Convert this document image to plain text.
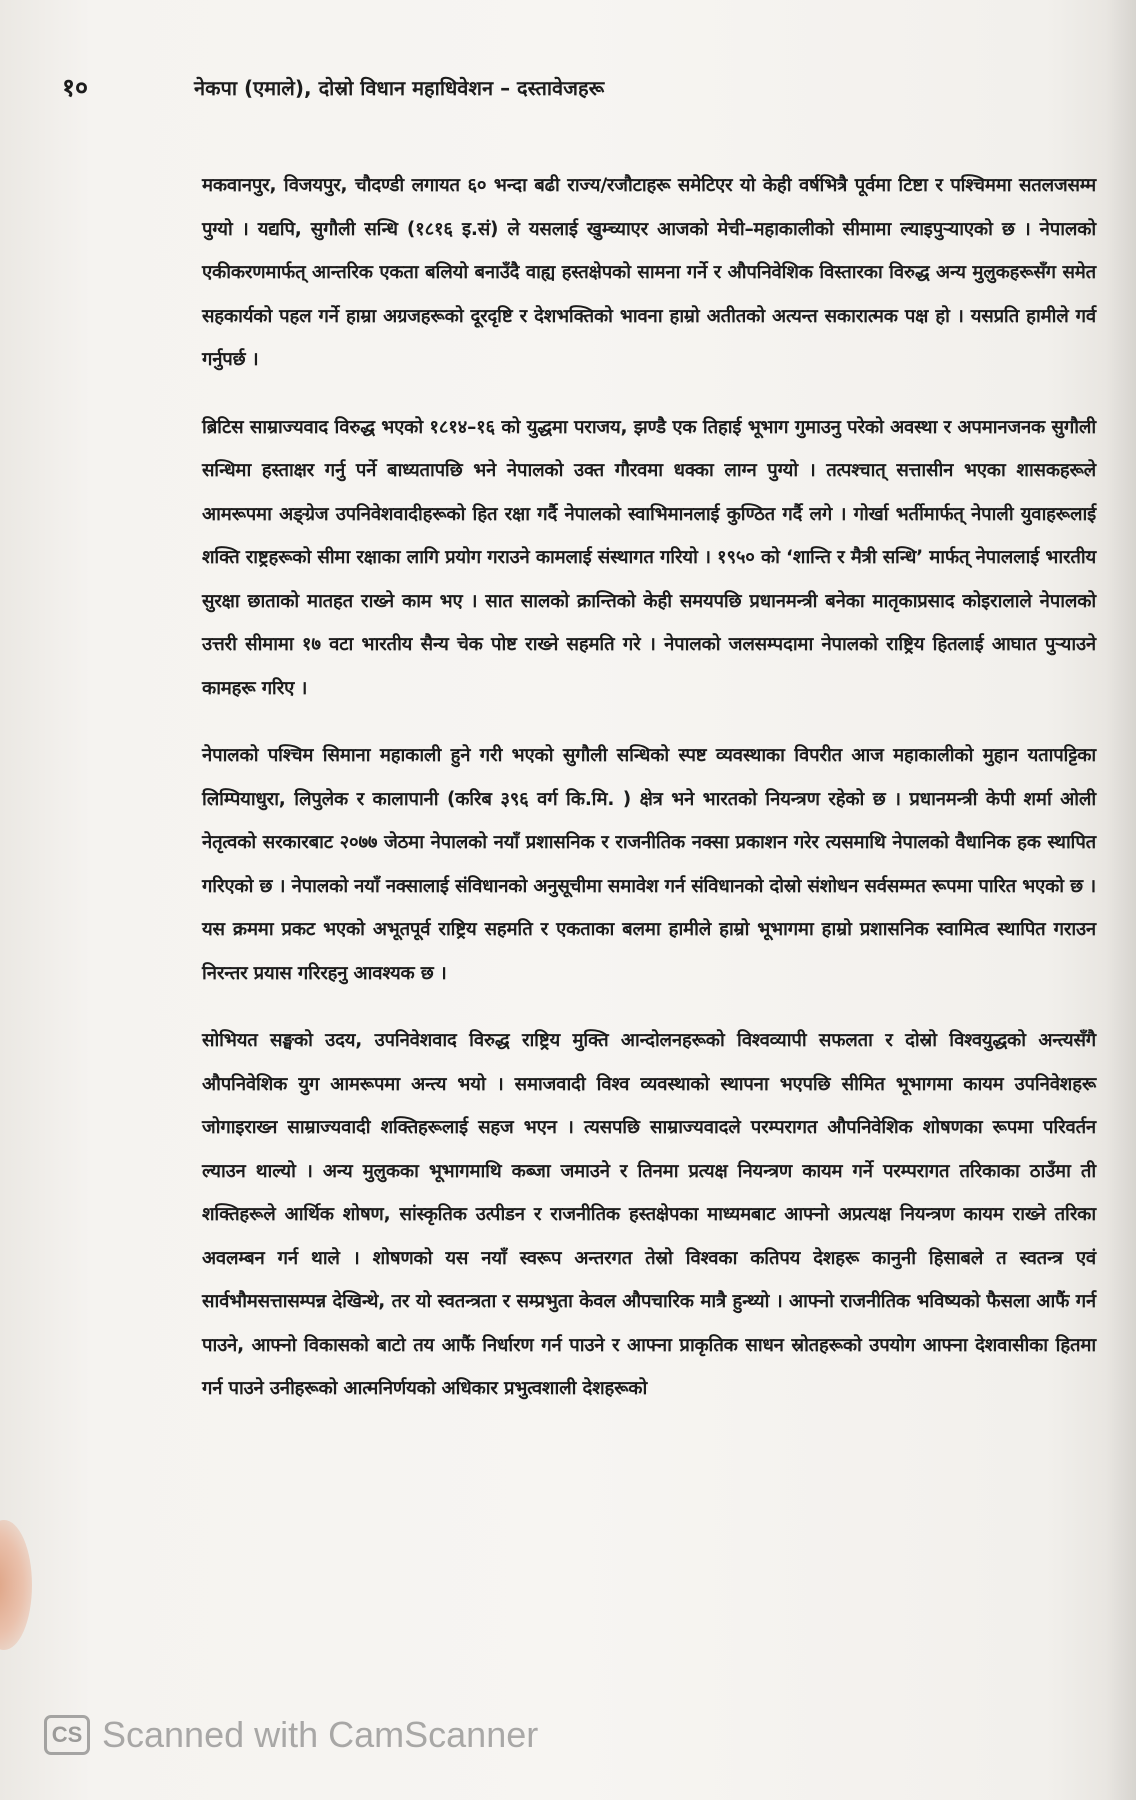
१०	नेकपा (एमाले), दोस्रो विधान महाधिवेशन – दस्तावेजहरू

मकवानपुर, विजयपुर, चौदण्डी लगायत ६० भन्दा बढी राज्य/रजौटाहरू समेटिएर यो केही वर्षभित्रै पूर्वमा टिष्टा र पश्चिममा सतलजसम्म पुग्यो । यद्यपि, सुगौली सन्धि (१८१६ इ.सं) ले यसलाई खुम्च्याएर आजको मेची–महाकालीको सीमामा ल्याइपुऱ्याएको छ । नेपालको एकीकरणमार्फत् आन्तरिक एकता बलियो बनाउँदै वाह्य हस्तक्षेपको सामना गर्ने र औपनिवेशिक विस्तारका विरुद्ध अन्य मुलुकहरूसँग समेत सहकार्यको पहल गर्ने हाम्रा अग्रजहरूको दूरदृष्टि र देशभक्तिको भावना हाम्रो अतीतको अत्यन्त सकारात्मक पक्ष हो । यसप्रति हामीले गर्व गर्नुपर्छ ।

ब्रिटिस साम्राज्यवाद विरुद्ध भएको १८१४–१६ को युद्धमा पराजय, झण्डै एक तिहाई भूभाग गुमाउनु परेको अवस्था र अपमानजनक सुगौली सन्धिमा हस्ताक्षर गर्नु पर्ने बाध्यतापछि भने नेपालको उक्त गौरवमा धक्का लाग्न पुग्यो । तत्पश्चात् सत्तासीन भएका शासकहरूले आमरूपमा अङ्ग्रेज उपनिवेशवादीहरूको हित रक्षा गर्दै नेपालको स्वाभिमानलाई कुण्ठित गर्दै लगे । गोर्खा भर्तीमार्फत् नेपाली युवाहरूलाई शक्ति राष्ट्रहरूको सीमा रक्षाका लागि प्रयोग गराउने कामलाई संस्थागत गरियो । १९५० को ‘शान्ति र मैत्री सन्धि’ मार्फत् नेपाललाई भारतीय सुरक्षा छाताको मातहत राख्ने काम भए । सात सालको क्रान्तिको केही समयपछि प्रधानमन्त्री बनेका मातृकाप्रसाद कोइरालाले नेपालको उत्तरी सीमामा १७ वटा भारतीय सैन्य चेक पोष्ट राख्ने सहमति गरे । नेपालको जलसम्पदामा नेपालको राष्ट्रिय हितलाई आघात पुऱ्याउने कामहरू गरिए ।

नेपालको पश्चिम सिमाना महाकाली हुने गरी भएको सुगौली सन्धिको स्पष्ट व्यवस्थाका विपरीत आज महाकालीको मुहान यतापट्टिका लिम्पियाधुरा, लिपुलेक र कालापानी (करिब ३९६ वर्ग कि.मि. ) क्षेत्र भने भारतको नियन्त्रण रहेको छ । प्रधानमन्त्री केपी शर्मा ओली नेतृत्वको सरकारबाट २०७७ जेठमा नेपालको नयाँ प्रशासनिक र राजनीतिक नक्सा प्रकाशन गरेर त्यसमाथि नेपालको वैधानिक हक स्थापित गरिएको छ । नेपालको नयाँ नक्सालाई संविधानको अनुसूचीमा समावेश गर्न संविधानको दोस्रो संशोधन सर्वसम्मत रूपमा पारित भएको छ । यस क्रममा प्रकट भएको अभूतपूर्व राष्ट्रिय सहमति र एकताका बलमा हामीले हाम्रो भूभागमा हाम्रो प्रशासनिक स्वामित्व स्थापित गराउन निरन्तर प्रयास गरिरहनु आवश्यक छ ।

सोभियत सङ्घको उदय, उपनिवेशवाद विरुद्ध राष्ट्रिय मुक्ति आन्दोलनहरूको विश्वव्यापी सफलता र दोस्रो विश्वयुद्धको अन्त्यसँगै औपनिवेशिक युग आमरूपमा अन्त्य भयो । समाजवादी विश्व व्यवस्थाको स्थापना भएपछि सीमित भूभागमा कायम उपनिवेशहरू जोगाइराख्न साम्राज्यवादी शक्तिहरूलाई सहज भएन । त्यसपछि साम्राज्यवादले परम्परागत औपनिवेशिक शोषणका रूपमा परिवर्तन ल्याउन थाल्यो । अन्य मुलुकका भूभागमाथि कब्जा जमाउने र तिनमा प्रत्यक्ष नियन्त्रण कायम गर्ने परम्परागत तरिकाका ठाउँमा ती शक्तिहरूले आर्थिक शोषण, सांस्कृतिक उत्पीडन र राजनीतिक हस्तक्षेपका माध्यमबाट आफ्नो अप्रत्यक्ष नियन्त्रण कायम राख्ने तरिका अवलम्बन गर्न थाले । शोषणको यस नयाँ स्वरूप अन्तरगत तेस्रो विश्वका कतिपय देशहरू कानुनी हिसाबले त स्वतन्त्र एवं सार्वभौमसत्तासम्पन्न देखिन्थे, तर यो स्वतन्त्रता र सम्प्रभुता केवल औपचारिक मात्रै हुन्थ्यो । आफ्नो राजनीतिक भविष्यको फैसला आफैं गर्न पाउने, आफ्नो विकासको बाटो तय आफैं निर्धारण गर्न पाउने र आफ्ना प्राकृतिक साधन स्रोतहरूको उपयोग आफ्ना देशवासीका हितमा गर्न पाउने उनीहरूको आत्मनिर्णयको अधिकार प्रभुत्वशाली देशहरूको

CS Scanned with CamScanner
